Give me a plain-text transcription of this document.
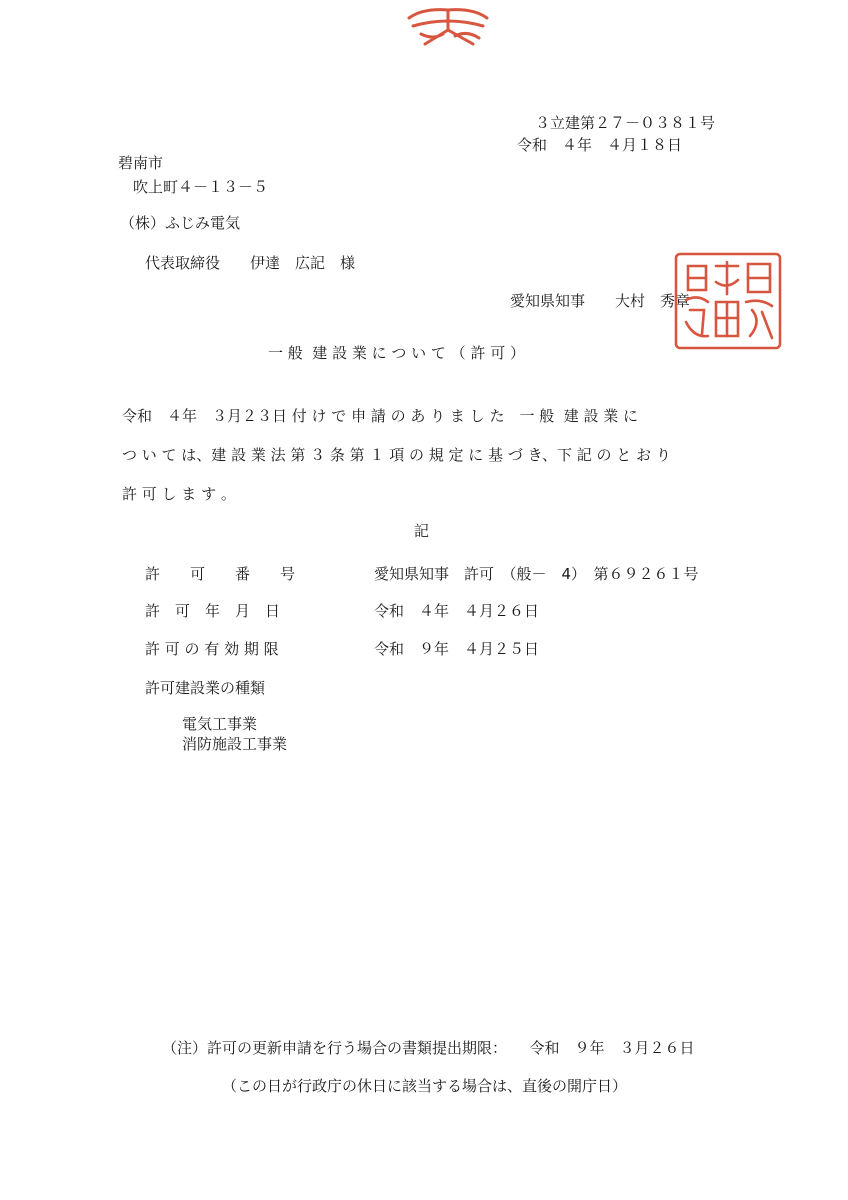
３立建第２７－０３８１号
令和　４年　４月１８日
碧南市
吹上町４－１３－５
（株）ふじみ電気
代表取締役　　伊達　広記　様
愛知県知事　　大村　秀章
一 般  建 設 業 に つ い て （ 許 可 ）
令和　４年　３月２３日 付 け で 申 請 の あ り ま し た　一 般  建 設 業 に
つ い て は、建 設 業 法 第 ３ 条 第 １ 項 の 規 定 に 基 づ き、下 記 の と お り
許 可 し ま す 。
記
許　　可　　番　　号	愛知県知事　許可　（般－　4）　第６９２６１号
許　可　年　月　日	令和　４年　４月２６日
許 可 の 有 効 期 限	令和　９年　４月２５日
許可建設業の種類
電気工事業
消防施設工事業
（注）許可の更新申請を行う場合の書類提出期限：　　令和　９年　３月２６日
（この日が行政庁の休日に該当する場合は、直後の開庁日）
